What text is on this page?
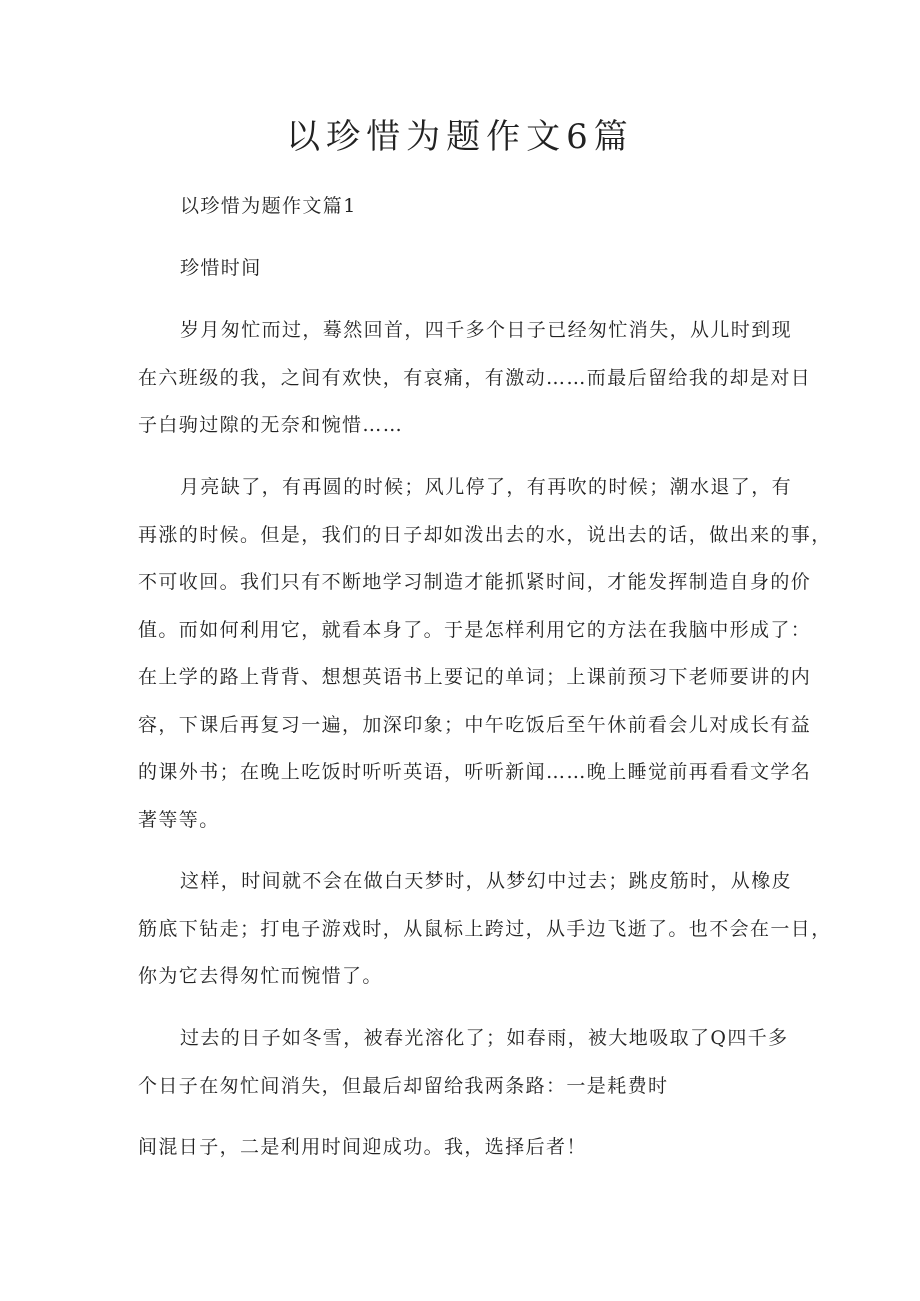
以珍惜为题作文6篇
以珍惜为题作文篇1
珍惜时间
岁月匆忙而过，蓦然回首，四千多个日子已经匆忙消失，从儿时到现
在六班级的我，之间有欢快，有哀痛，有激动……而最后留给我的却是对日
子白驹过隙的无奈和惋惜……
月亮缺了，有再圆的时候；风儿停了，有再吹的时候；潮水退了，有
再涨的时候。但是，我们的日子却如泼出去的水，说出去的话，做出来的事，
不可收回。我们只有不断地学习制造才能抓紧时间，才能发挥制造自身的价
值。而如何利用它，就看本身了。于是怎样利用它的方法在我脑中形成了：
在上学的路上背背、想想英语书上要记的单词；上课前预习下老师要讲的内
容，下课后再复习一遍，加深印象；中午吃饭后至午休前看会儿对成长有益
的课外书；在晚上吃饭时听听英语，听听新闻……晚上睡觉前再看看文学名
著等等。
这样，时间就不会在做白天梦时，从梦幻中过去；跳皮筋时，从橡皮
筋底下钻走；打电子游戏时，从鼠标上跨过，从手边飞逝了。也不会在一日，
你为它去得匆忙而惋惜了。
过去的日子如冬雪，被春光溶化了；如春雨，被大地吸取了Q四千多
个日子在匆忙间消失，但最后却留给我两条路：一是耗费时
间混日子，二是利用时间迎成功。我，选择后者！
